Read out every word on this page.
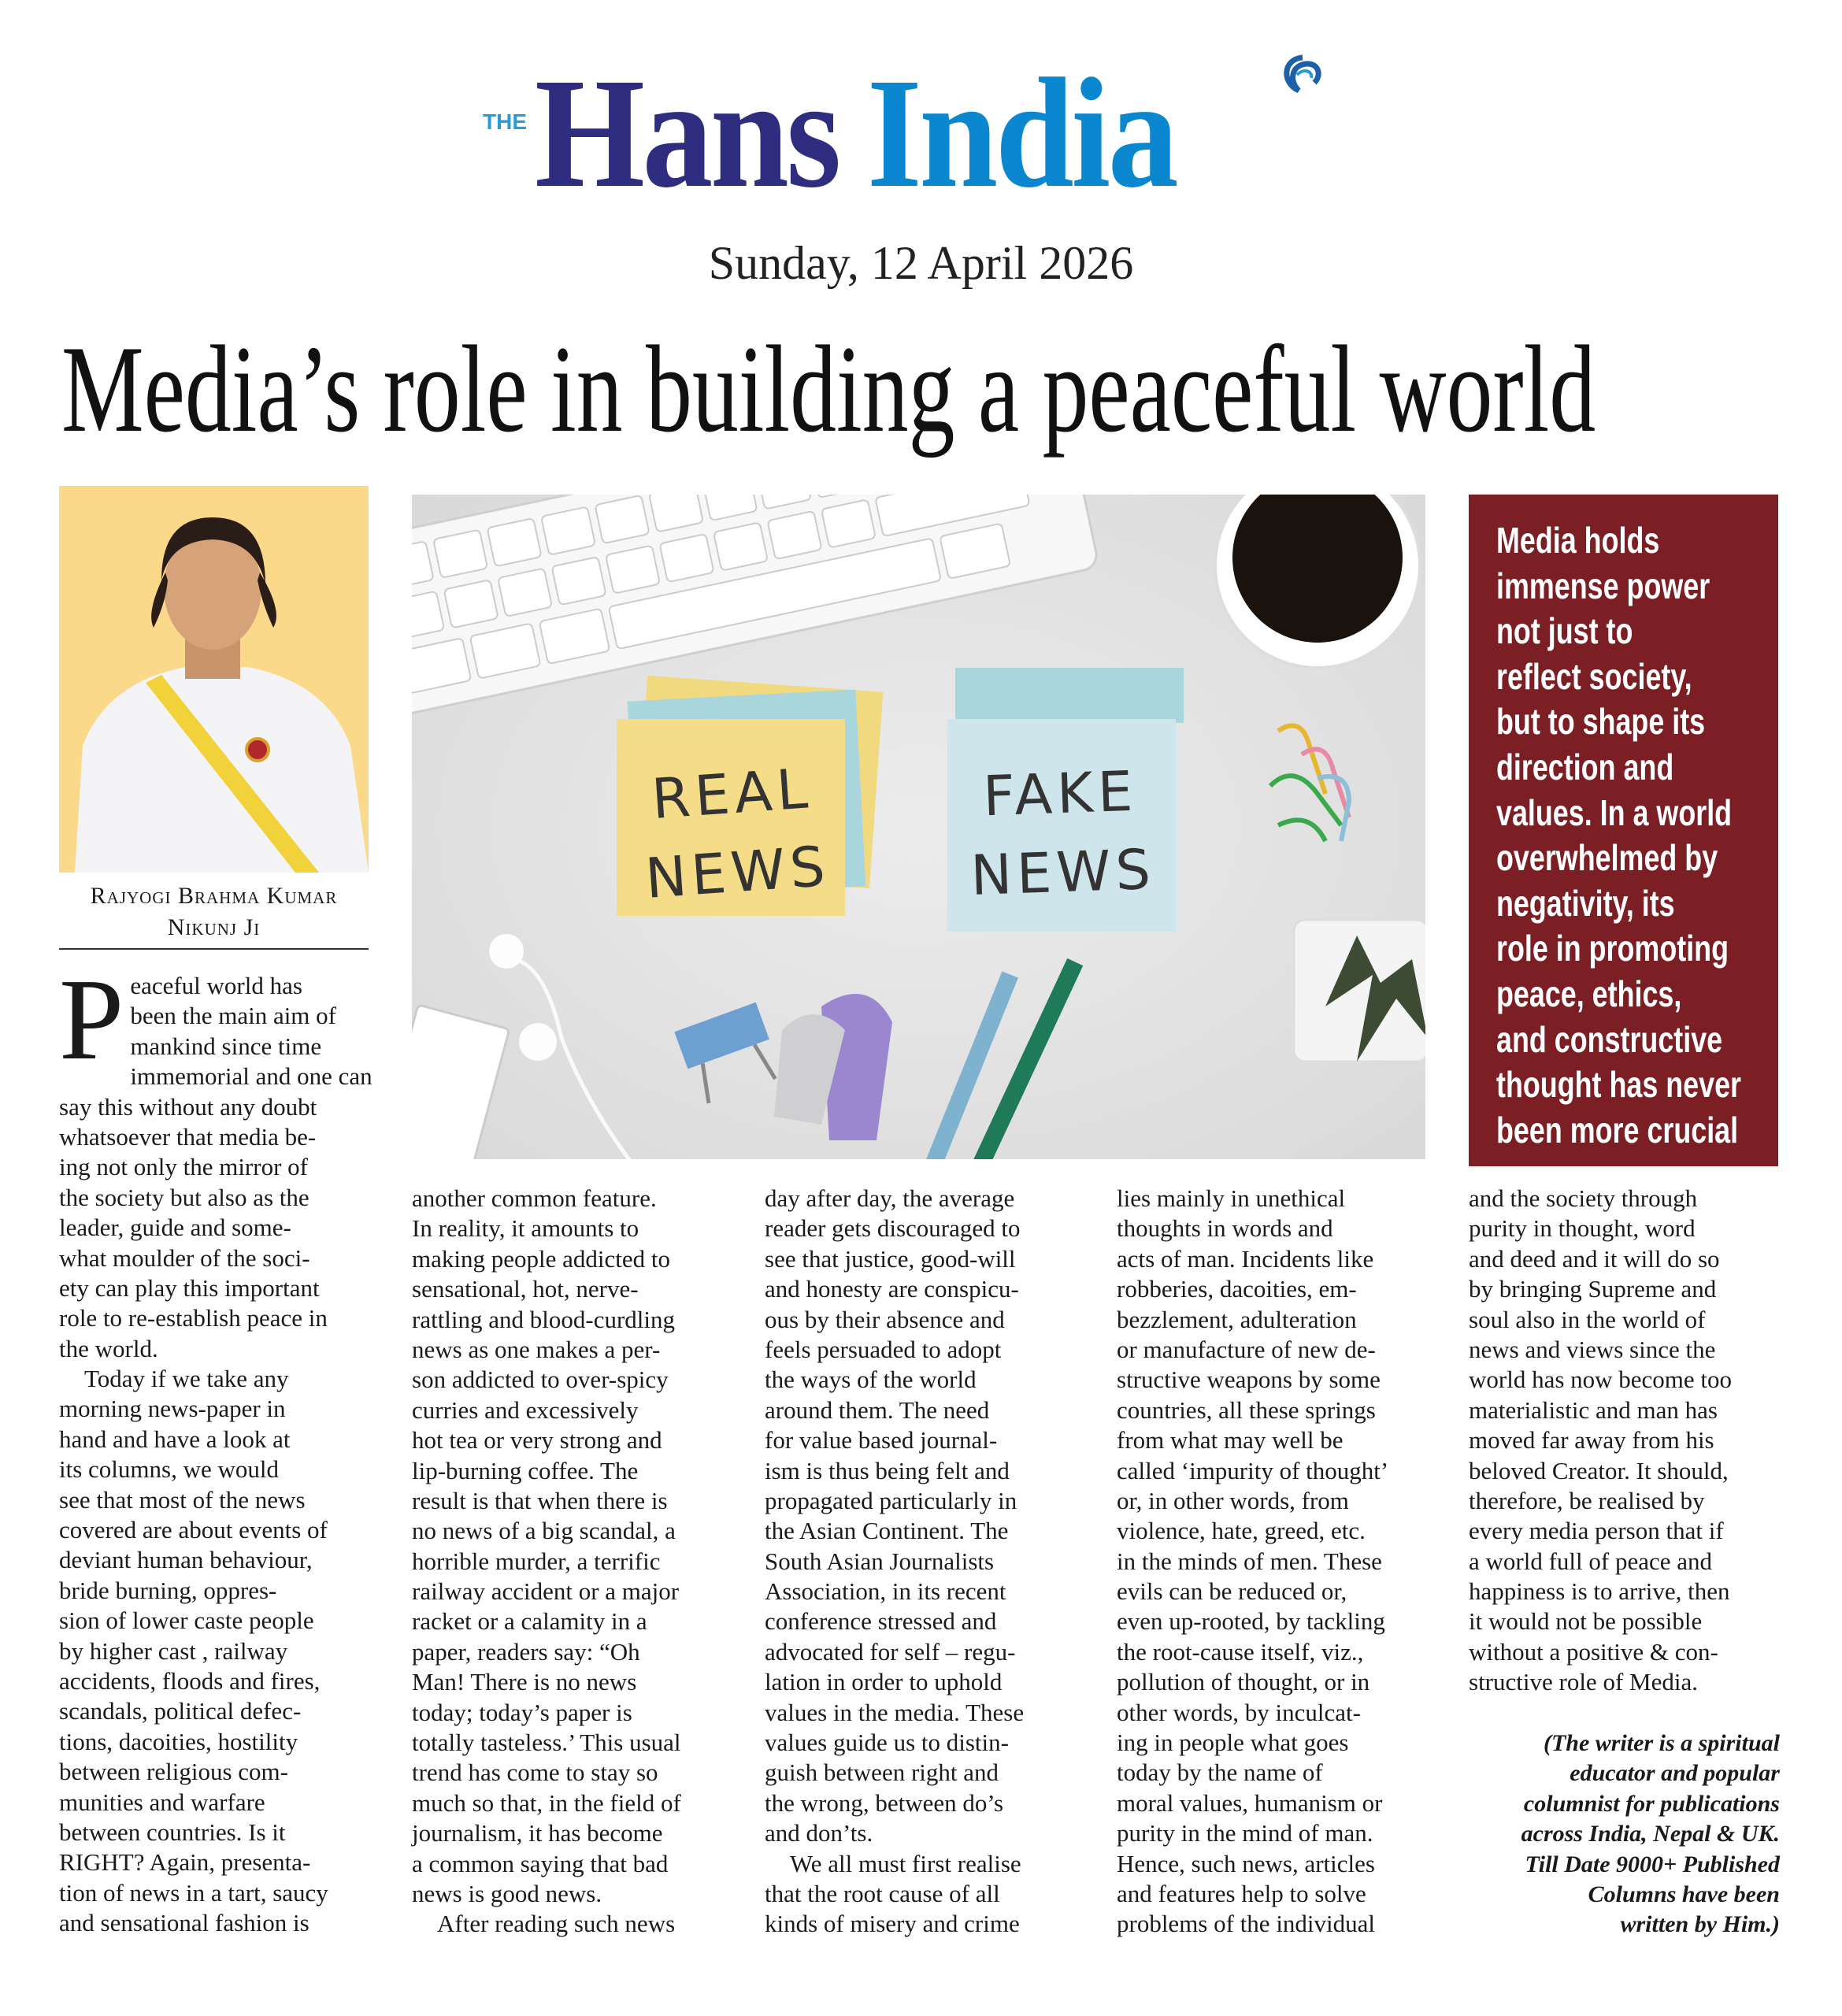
THE Hans India
Sunday, 12 April 2026
Media’s role in building a peaceful world
Rajyogi Brahma Kumar
Nikunj Ji
REAL
NEWS
FAKE
NEWS
Media holds
immense power
not just to
reflect society,
but to shape its
direction and
values. In a world
overwhelmed by
negativity, its
role in promoting
peace, ethics,
and constructive
thought has never
been more crucial
P eaceful world has
been the main aim of
mankind since time
immemorial and one can
say this without any doubt
whatsoever that media be-
ing not only the mirror of
the society but also as the
leader, guide and some-
what moulder of the soci-
ety can play this important
role to re-establish peace in
the world.
Today if we take any
morning news-paper in
hand and have a look at
its columns, we would
see that most of the news
covered are about events of
deviant human behaviour,
bride burning, oppres-
sion of lower caste people
by higher cast , railway
accidents, floods and fires,
scandals, political defec-
tions, dacoities, hostility
between religious com-
munities and warfare
between countries. Is it
RIGHT? Again, presenta-
tion of news in a tart, saucy
and sensational fashion is
another common feature.
In reality, it amounts to
making people addicted to
sensational, hot, nerve-
rattling and blood-curdling
news as one makes a per-
son addicted to over-spicy
curries and excessively
hot tea or very strong and
lip-burning coffee. The
result is that when there is
no news of a big scandal, a
horrible murder, a terrific
railway accident or a major
racket or a calamity in a
paper, readers say: “Oh
Man! There is no news
today; today’s paper is
totally tasteless.’ This usual
trend has come to stay so
much so that, in the field of
journalism, it has become
a common saying that bad
news is good news.
After reading such news
day after day, the average
reader gets discouraged to
see that justice, good-will
and honesty are conspicu-
ous by their absence and
feels persuaded to adopt
the ways of the world
around them. The need
for value based journal-
ism is thus being felt and
propagated particularly in
the Asian Continent. The
South Asian Journalists
Association, in its recent
conference stressed and
advocated for self – regu-
lation in order to uphold
values in the media. These
values guide us to distin-
guish between right and
the wrong, between do’s
and don’ts.
We all must first realise
that the root cause of all
kinds of misery and crime
lies mainly in unethical
thoughts in words and
acts of man. Incidents like
robberies, dacoities, em-
bezzlement, adulteration
or manufacture of new de-
structive weapons by some
countries, all these springs
from what may well be
called ‘impurity of thought’
or, in other words, from
violence, hate, greed, etc.
in the minds of men. These
evils can be reduced or,
even up-rooted, by tackling
the root-cause itself, viz.,
pollution of thought, or in
other words, by inculcat-
ing in people what goes
today by the name of
moral values, humanism or
purity in the mind of man.
Hence, such news, articles
and features help to solve
problems of the individual
and the society through
purity in thought, word
and deed and it will do so
by bringing Supreme and
soul also in the world of
news and views since the
world has now become too
materialistic and man has
moved far away from his
beloved Creator. It should,
therefore, be realised by
every media person that if
a world full of peace and
happiness is to arrive, then
it would not be possible
without a positive & con-
structive role of Media.
(The writer is a spiritual
educator and popular
columnist for publications
across India, Nepal & UK.
Till Date 9000+ Published
Columns have been
written by Him.)
